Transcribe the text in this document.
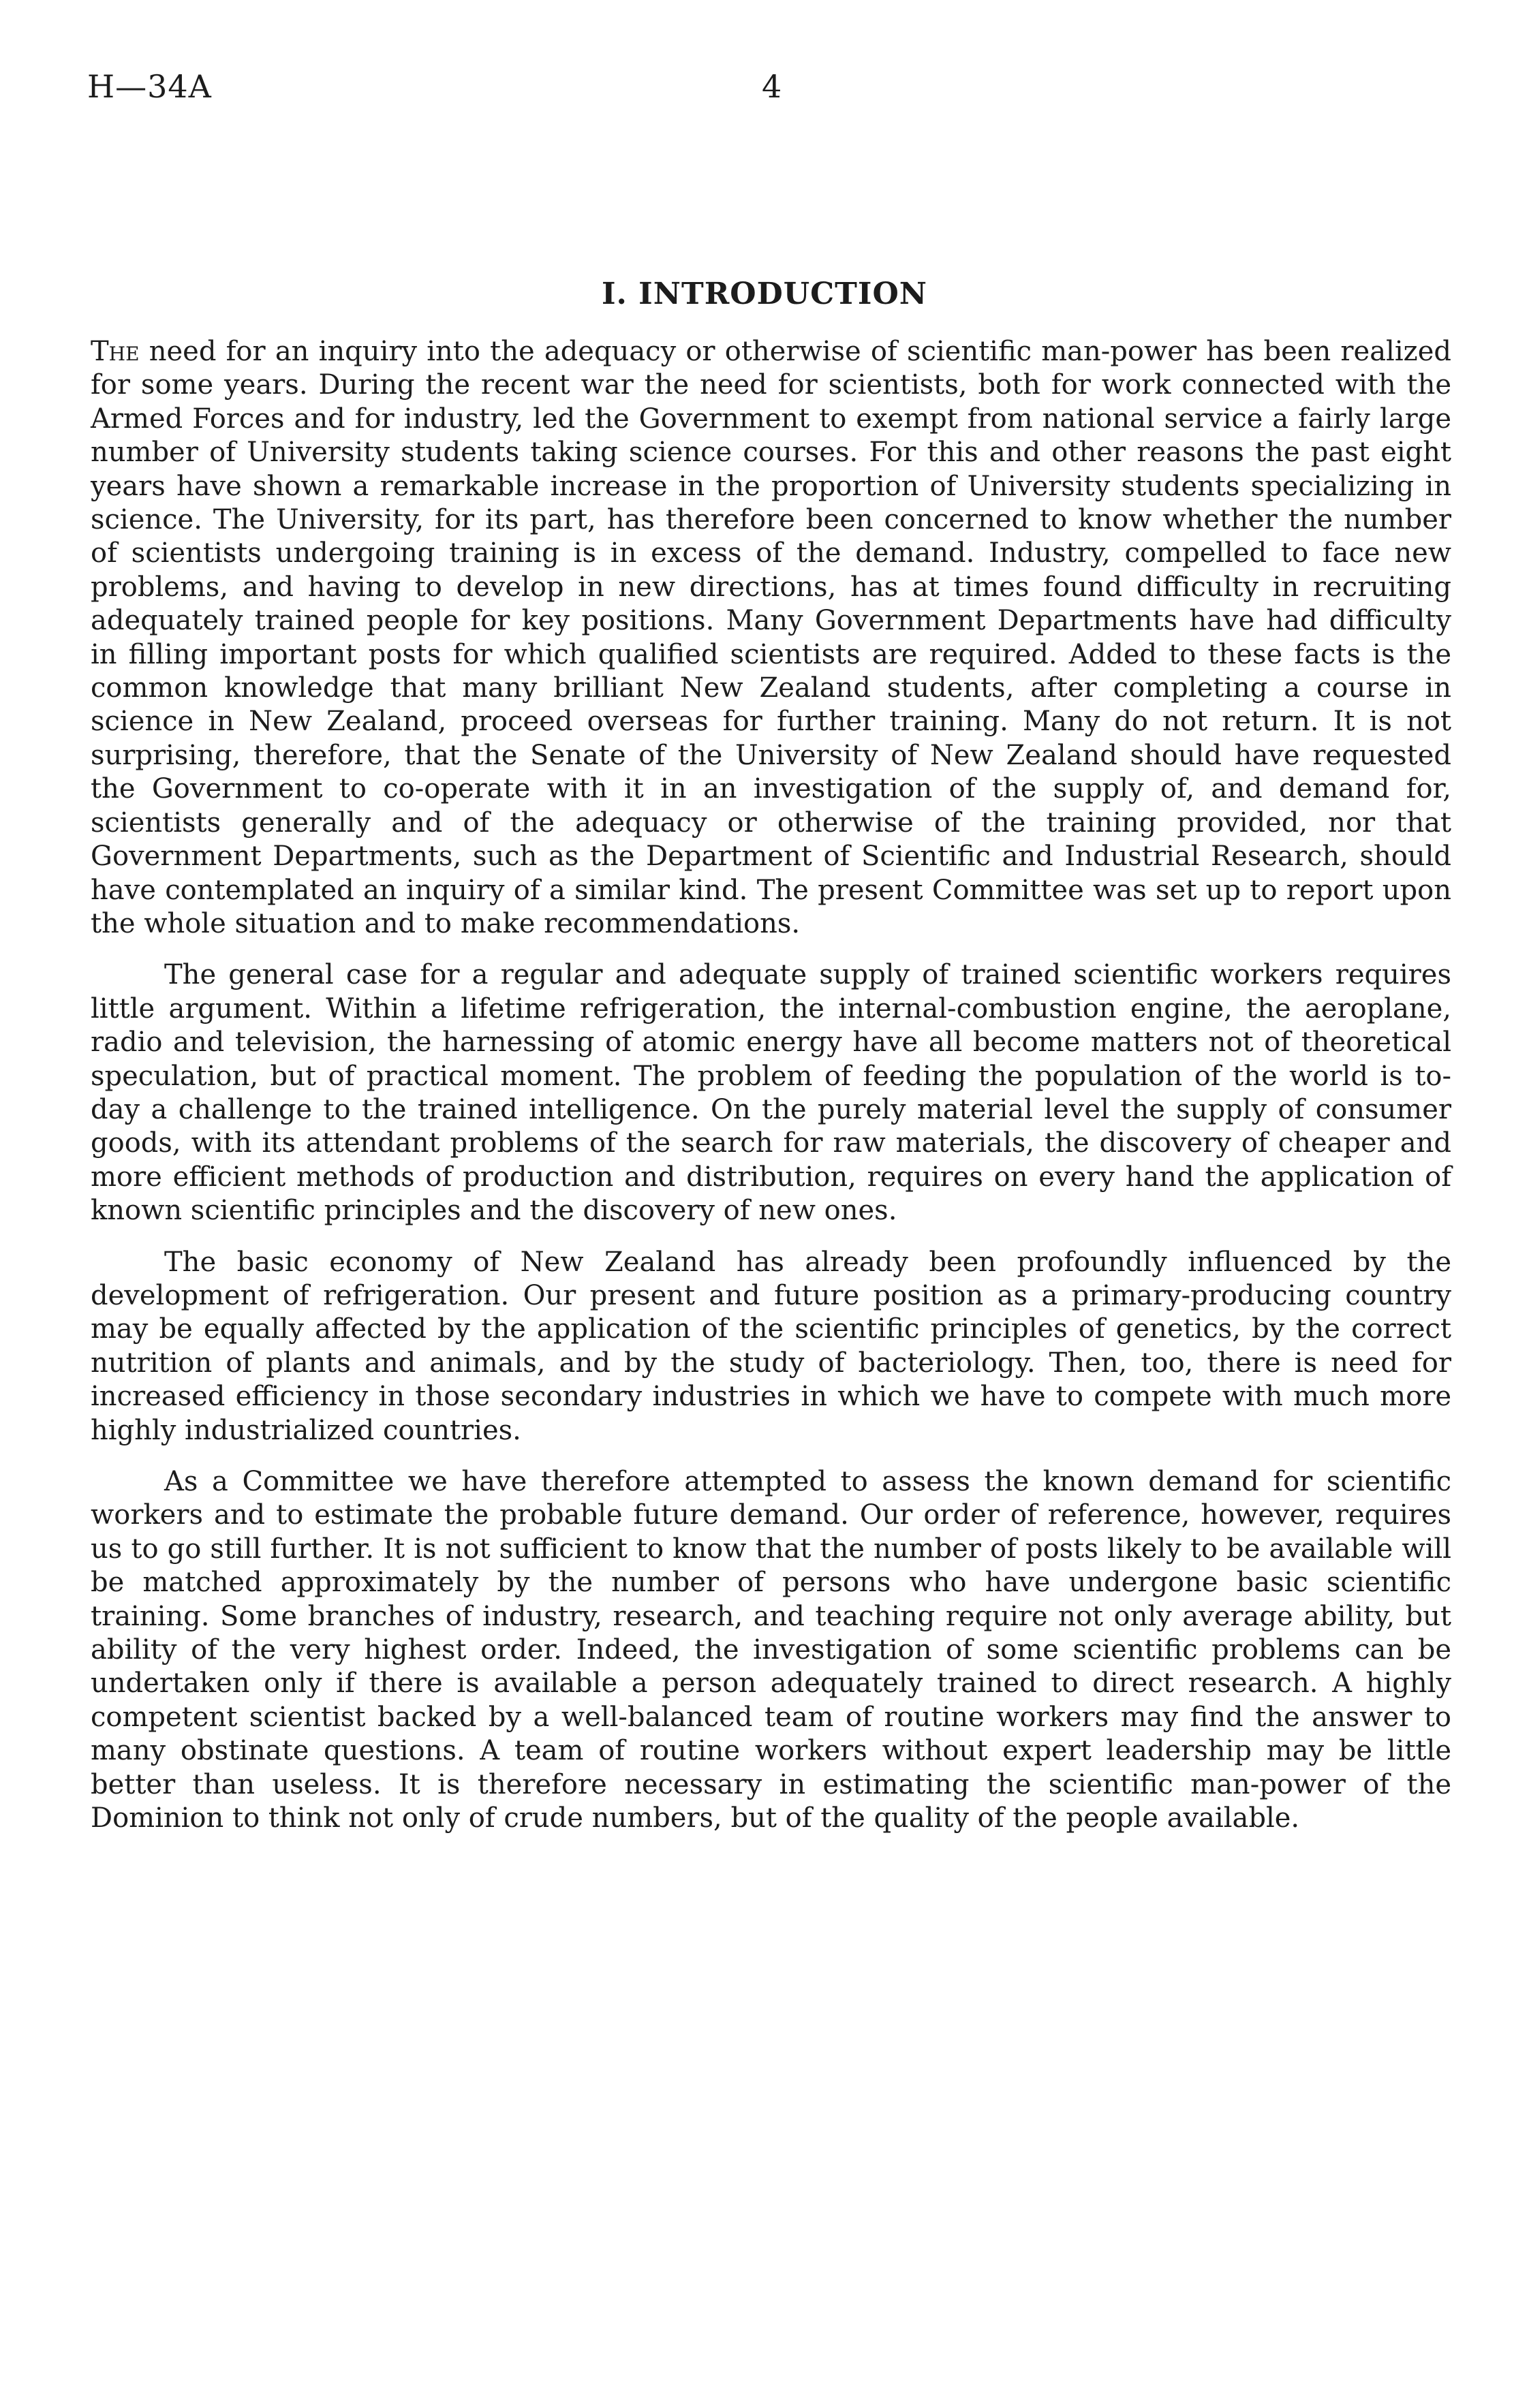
H—34A	4
I. INTRODUCTION

The need for an inquiry into the adequacy or otherwise of scientific man-power has been realized for some years. During the recent war the need for scientists, both for work connected with the Armed Forces and for industry, led the Government to exempt from national service a fairly large number of University students taking science courses. For this and other reasons the past eight years have shown a remarkable increase in the proportion of University students specializing in science. The University, for its part, has therefore been concerned to know whether the number of scientists undergoing training is in excess of the demand. Industry, compelled to face new problems, and having to develop in new directions, has at times found difficulty in recruiting adequately trained people for key positions. Many Government Departments have had difficulty in filling important posts for which qualified scientists are required. Added to these facts is the common knowledge that many brilliant New Zealand students, after completing a course in science in New Zealand, proceed overseas for further training. Many do not return. It is not surprising, therefore, that the Senate of the University of New Zealand should have requested the Government to co-operate with it in an investigation of the supply of, and demand for, scientists generally and of the adequacy or otherwise of the training provided, nor that Government Departments, such as the Department of Scientific and Industrial Research, should have contemplated an inquiry of a similar kind. The present Committee was set up to report upon the whole situation and to make recommendations.

The general case for a regular and adequate supply of trained scientific workers requires little argument. Within a lifetime refrigeration, the internal-combustion engine, the aeroplane, radio and television, the harnessing of atomic energy have all become matters not of theoretical speculation, but of practical moment. The problem of feeding the population of the world is to-day a challenge to the trained intelligence. On the purely material level the supply of consumer goods, with its attendant problems of the search for raw materials, the discovery of cheaper and more efficient methods of production and distribution, requires on every hand the application of known scientific principles and the discovery of new ones.

The basic economy of New Zealand has already been profoundly influenced by the development of refrigeration. Our present and future position as a primary-producing country may be equally affected by the application of the scientific principles of genetics, by the correct nutrition of plants and animals, and by the study of bacteriology. Then, too, there is need for increased efficiency in those secondary industries in which we have to compete with much more highly industrialized countries.

As a Committee we have therefore attempted to assess the known demand for scientific workers and to estimate the probable future demand. Our order of reference, however, requires us to go still further. It is not sufficient to know that the number of posts likely to be available will be matched approximately by the number of persons who have undergone basic scientific training. Some branches of industry, research, and teaching require not only average ability, but ability of the very highest order. Indeed, the investigation of some scientific problems can be undertaken only if there is available a person adequately trained to direct research. A highly competent scientist backed by a well-balanced team of routine workers may find the answer to many obstinate questions. A team of routine workers without expert leadership may be little better than useless. It is therefore necessary in estimating the scientific man-power of the Dominion to think not only of crude numbers, but of the quality of the people available.
